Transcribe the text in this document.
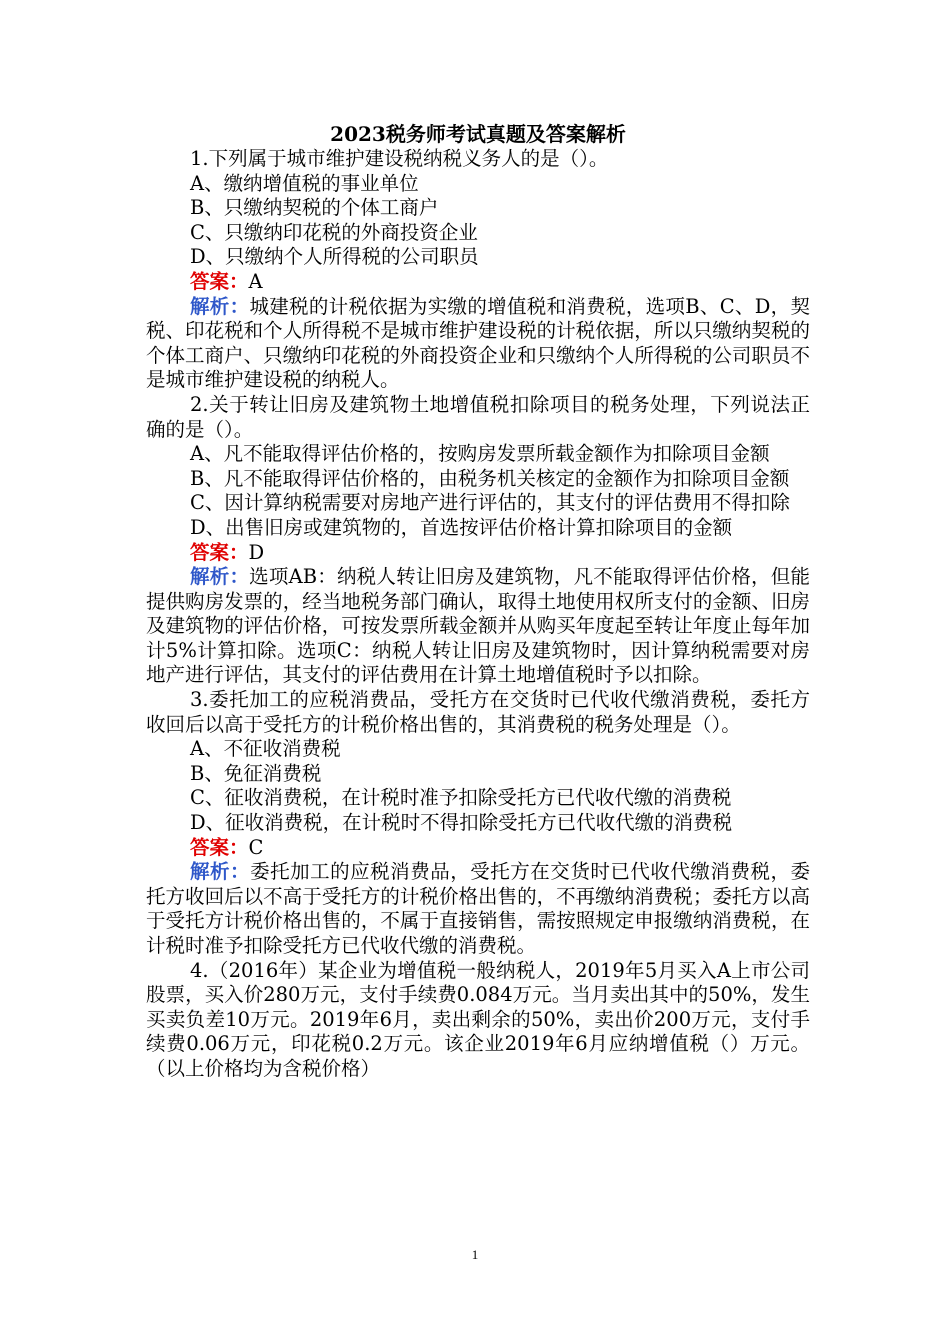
2023税务师考试真题及答案解析

1.下列属于城市维护建设税纳税义务人的是（）。

A、缴纳增值税的事业单位

B、只缴纳契税的个体工商户

C、只缴纳印花税的外商投资企业

D、只缴纳个人所得税的公司职员

答案：A

解析：城建税的计税依据为实缴的增值税和消费税，选项B、C、D，契税、印花税和个人所得税不是城市维护建设税的计税依据，所以只缴纳契税的个体工商户、只缴纳印花税的外商投资企业和只缴纳个人所得税的公司职员不是城市维护建设税的纳税人。

2.关于转让旧房及建筑物土地增值税扣除项目的税务处理，下列说法正确的是（）。

A、凡不能取得评估价格的，按购房发票所载金额作为扣除项目金额

B、凡不能取得评估价格的，由税务机关核定的金额作为扣除项目金额

C、因计算纳税需要对房地产进行评估的，其支付的评估费用不得扣除

D、出售旧房或建筑物的，首选按评估价格计算扣除项目的金额

答案：D

解析：选项AB：纳税人转让旧房及建筑物，凡不能取得评估价格，但能提供购房发票的，经当地税务部门确认，取得土地使用权所支付的金额、旧房及建筑物的评估价格，可按发票所载金额并从购买年度起至转让年度止每年加计5%计算扣除。选项C：纳税人转让旧房及建筑物时，因计算纳税需要对房地产进行评估，其支付的评估费用在计算土地增值税时予以扣除。

3.委托加工的应税消费品，受托方在交货时已代收代缴消费税，委托方收回后以高于受托方的计税价格出售的，其消费税的税务处理是（）。

A、不征收消费税

B、免征消费税

C、征收消费税，在计税时准予扣除受托方已代收代缴的消费税

D、征收消费税，在计税时不得扣除受托方已代收代缴的消费税

答案：C

解析：委托加工的应税消费品，受托方在交货时已代收代缴消费税，委托方收回后以不高于受托方的计税价格出售的，不再缴纳消费税；委托方以高于受托方计税价格出售的，不属于直接销售，需按照规定申报缴纳消费税，在计税时准予扣除受托方已代收代缴的消费税。

4.（2016年）某企业为增值税一般纳税人，2019年5月买入A上市公司股票，买入价280万元，支付手续费0.084万元。当月卖出其中的50%，发生买卖负差10万元。2019年6月，卖出剩余的50%，卖出价200万元，支付手续费0.06万元，印花税0.2万元。该企业2019年6月应纳增值税（）万元。（以上价格均为含税价格）

1
